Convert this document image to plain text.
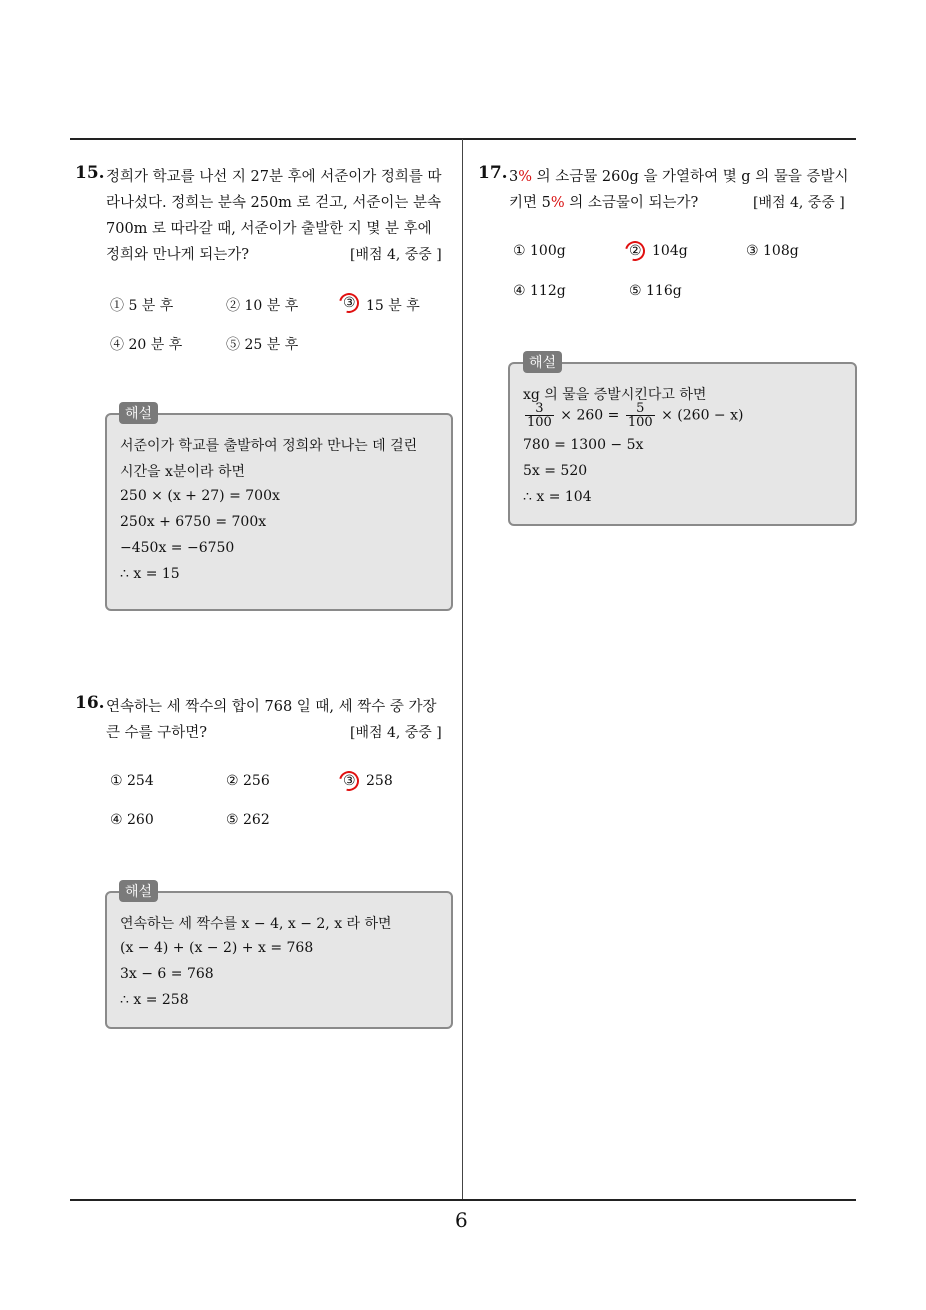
15. 정희가 학교를 나선 지 27분 후에 서준이가 정희를 따
라나섰다. 정희는 분속 250m 로 걷고, 서준이는 분속
700m 로 따라갈 때, 서준이가 출발한 지 몇 분 후에
정희와 만나게 되는가?	[배점 4, 중중 ]
① 5 분 후	② 10 분 후	③ 15 분 후
④ 20 분 후	⑤ 25 분 후
해설
서준이가 학교를 출발하여 정희와 만나는 데 걸린
시간을 x분이라 하면
250 × (x + 27) = 700x
250x + 6750 = 700x
−450x = −6750
∴ x = 15
16. 연속하는 세 짝수의 합이 768 일 때, 세 짝수 중 가장
큰 수를 구하면?	[배점 4, 중중 ]
① 254	② 256	③ 258
④ 260	⑤ 262
해설
연속하는 세 짝수를 x − 4, x − 2, x 라 하면
(x − 4) + (x − 2) + x = 768
3x − 6 = 768
∴ x = 258
17. 3% 의 소금물 260g 을 가열하여 몇 g 의 물을 증발시
키면 5% 의 소금물이 되는가?	[배점 4, 중중 ]
① 100g	② 104g	③ 108g
④ 112g	⑤ 116g
해설
xg 의 물을 증발시킨다고 하면
$\frac{3}{100} \times 260 = \frac{5}{100} \times (260 - x)$
780 = 1300 − 5x
5x = 520
∴ x = 104
6
